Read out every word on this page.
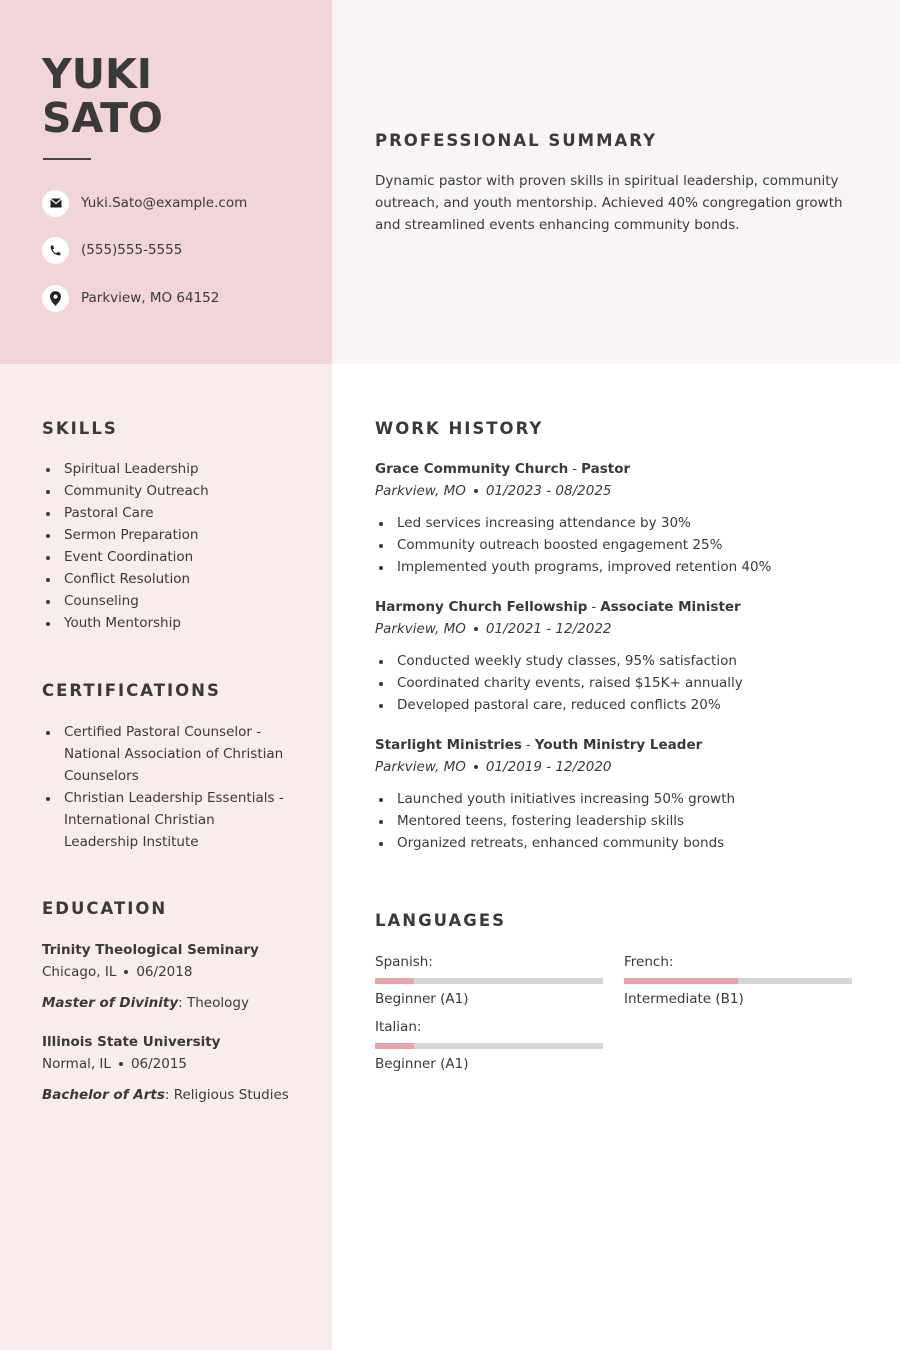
YUKI
SATO
Yuki.Sato@example.com
(555)555-5555
Parkview, MO 64152
PROFESSIONAL SUMMARY
Dynamic pastor with proven skills in spiritual leadership, community outreach, and youth mentorship. Achieved 40% congregation growth and streamlined events enhancing community bonds.
SKILLS
Spiritual Leadership
Community Outreach
Pastoral Care
Sermon Preparation
Event Coordination
Conflict Resolution
Counseling
Youth Mentorship
CERTIFICATIONS
Certified Pastoral Counselor - National Association of Christian Counselors
Christian Leadership Essentials - International Christian Leadership Institute
EDUCATION
Trinity Theological Seminary
Chicago, IL 06/2018
Master of Divinity: Theology
Illinois State University
Normal, IL 06/2015
Bachelor of Arts: Religious Studies
WORK HISTORY
Grace Community Church - Pastor
Parkview, MO 01/2023 - 08/2025
Led services increasing attendance by 30%
Community outreach boosted engagement 25%
Implemented youth programs, improved retention 40%
Harmony Church Fellowship - Associate Minister
Parkview, MO 01/2021 - 12/2022
Conducted weekly study classes, 95% satisfaction
Coordinated charity events, raised $15K+ annually
Developed pastoral care, reduced conflicts 20%
Starlight Ministries - Youth Ministry Leader
Parkview, MO 01/2019 - 12/2020
Launched youth initiatives increasing 50% growth
Mentored teens, fostering leadership skills
Organized retreats, enhanced community bonds
LANGUAGES
Spanish:
Beginner (A1)
French:
Intermediate (B1)
Italian:
Beginner (A1)
